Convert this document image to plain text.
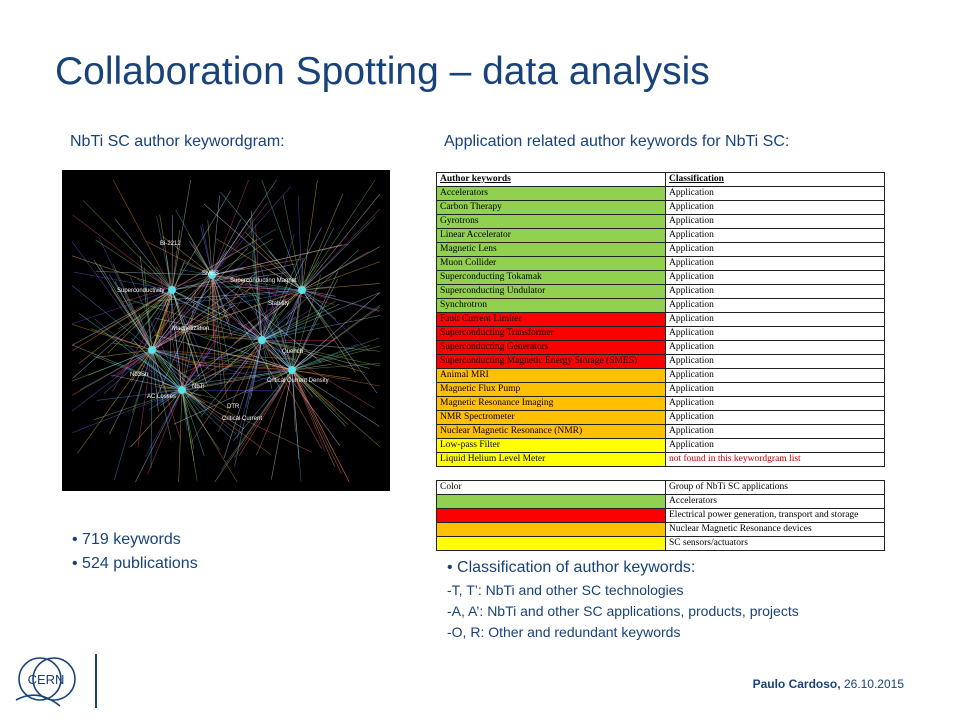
Collaboration Spotting – data analysis
NbTi SC author keywordgram:	Application related author keywords for NbTi SC:
Bi-2212
SMES
Superconducting Magnet
Stability
Superconductivity
Magnetization
Quench
Nb3Sn
NbTi
Critical Current Density
AC Losses
DTR
Critical Current
• 719 keywords
• 524 publications
Author keywords	Classification
Accelerators	Application
Carbon Therapy	Application
Gyrotrons	Application
Linear Accelerator	Application
Magnetic Lens	Application
Muon Collider	Application
Superconducting Tokamak	Application
Superconducting Undulator	Application
Synchrotron	Application
Fault Current Limiter	Application
Superconducting Transformer	Application
Superconducting Generators	Application
Superconducting Magnetic Energy Storage (SMES)	Application
Animal MRI	Application
Magnetic Flux Pump	Application
Magnetic Resonance Imaging	Application
NMR Spectrometer	Application
Nuclear Magnetic Resonance (NMR)	Application
Low-pass Filter	Application
Liquid Helium Level Meter	not found in this keywordgram list
Color	Group of NbTi SC applications
	Accelerators
	Electrical power generation, transport and storage
	Nuclear Magnetic Resonance devices
	SC sensors/actuators
• Classification of author keywords:
-T, T’: NbTi and other SC technologies
-A, A’: NbTi and other SC applications, products, projects
-O, R: Other and redundant keywords
CERN	Paulo Cardoso, 26.10.2015
